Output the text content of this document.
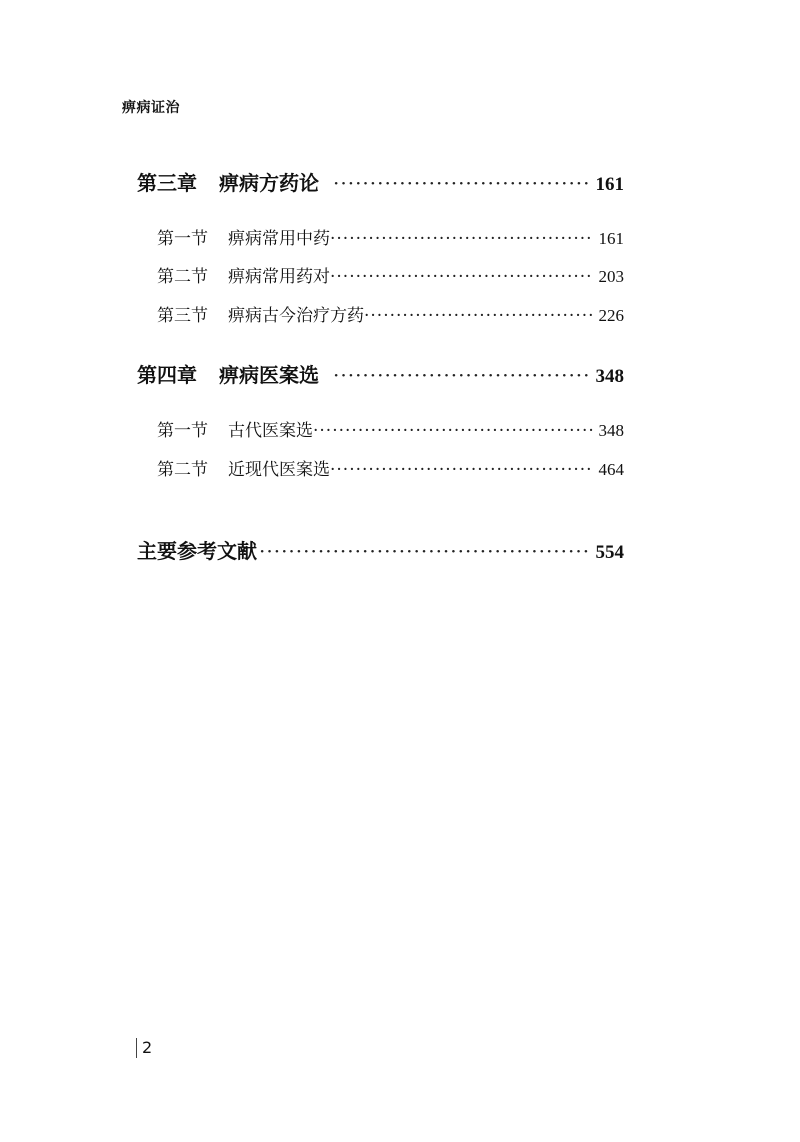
痹病证治
第三章 痹病方药论 ·····	161
第一节 痹病常用中药 ·····	161
第二节 痹病常用药对 ·····	203
第三节 痹病古今治疗方药 ·····	226
第四章 痹病医案选 ·····	348
第一节 古代医案选 ·····	348
第二节 近现代医案选 ·····	464
主要参考文献 ·····	554
2
